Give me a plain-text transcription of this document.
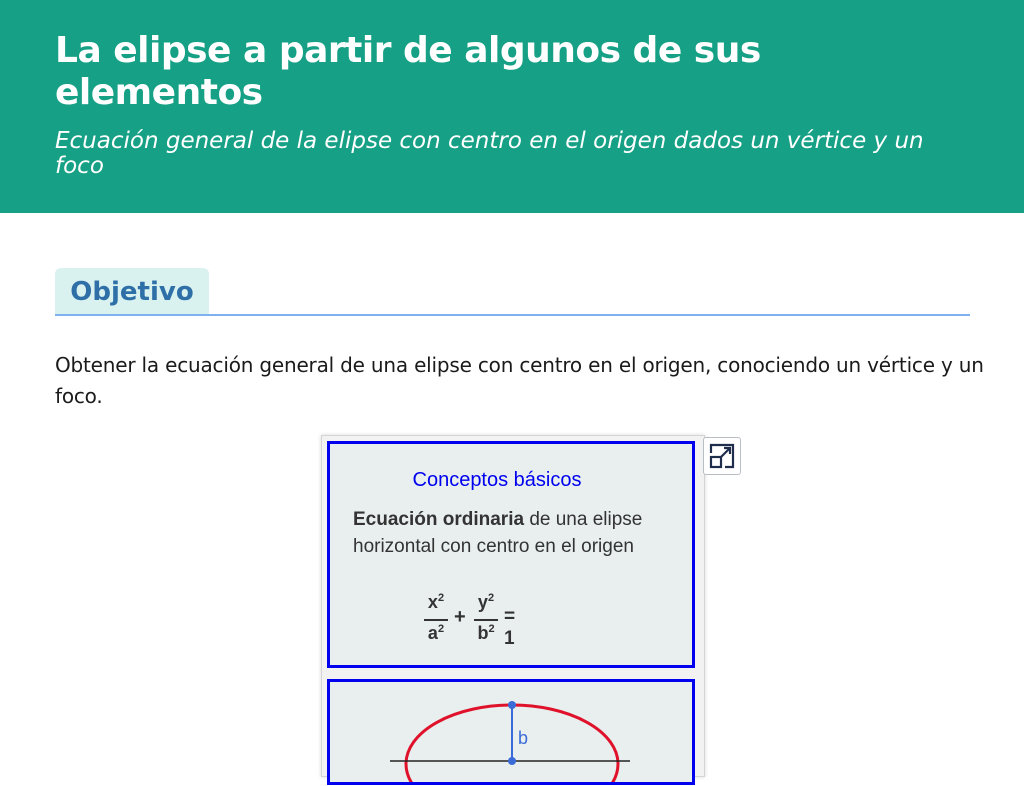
La elipse a partir de algunos de sus elementos

Ecuación general de la elipse con centro en el origen dados un vértice y un foco

Objetivo

Obtener la ecuación general de una elipse con centro en el origen, conociendo un vértice y un foco.

Conceptos básicos

Ecuación ordinaria de una elipse horizontal con centro en el origen

$x^2$
$a^2$
+
$y^2$
$b^2$
= 1
b
